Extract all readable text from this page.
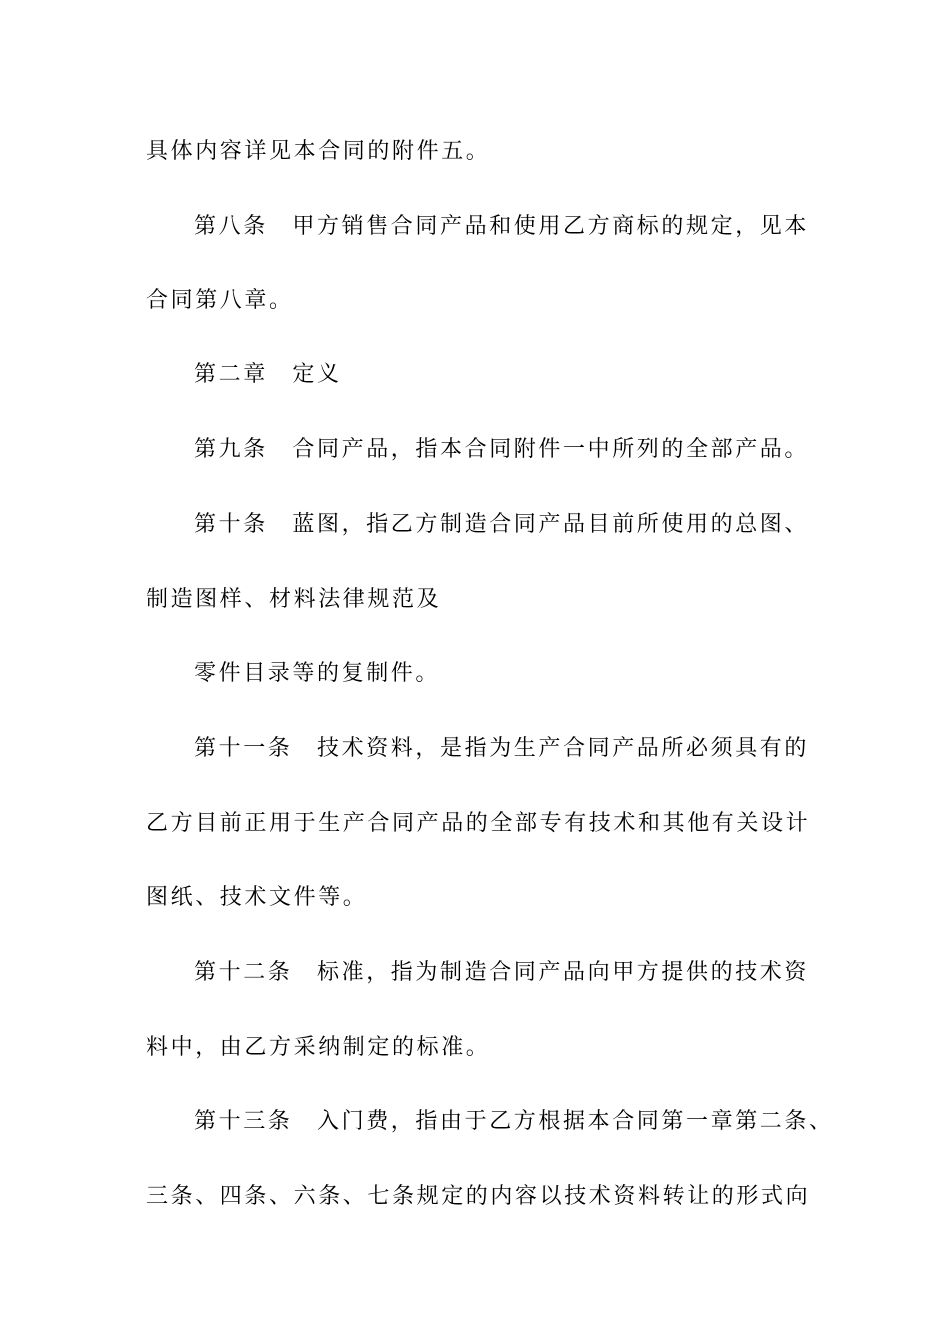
具体内容详见本合同的附件五。
第八条　甲方销售合同产品和使用乙方商标的规定，见本
合同第八章。
第二章　定义
第九条　合同产品，指本合同附件一中所列的全部产品。
第十条　蓝图，指乙方制造合同产品目前所使用的总图、
制造图样、材料法律规范及
零件目录等的复制件。
第十一条　技术资料，是指为生产合同产品所必须具有的
乙方目前正用于生产合同产品的全部专有技术和其他有关设计
图纸、技术文件等。
第十二条　标准，指为制造合同产品向甲方提供的技术资
料中，由乙方采纳制定的标准。
第十三条　入门费，指由于乙方根据本合同第一章第二条、
三条、四条、六条、七条规定的内容以技术资料转让的形式向
